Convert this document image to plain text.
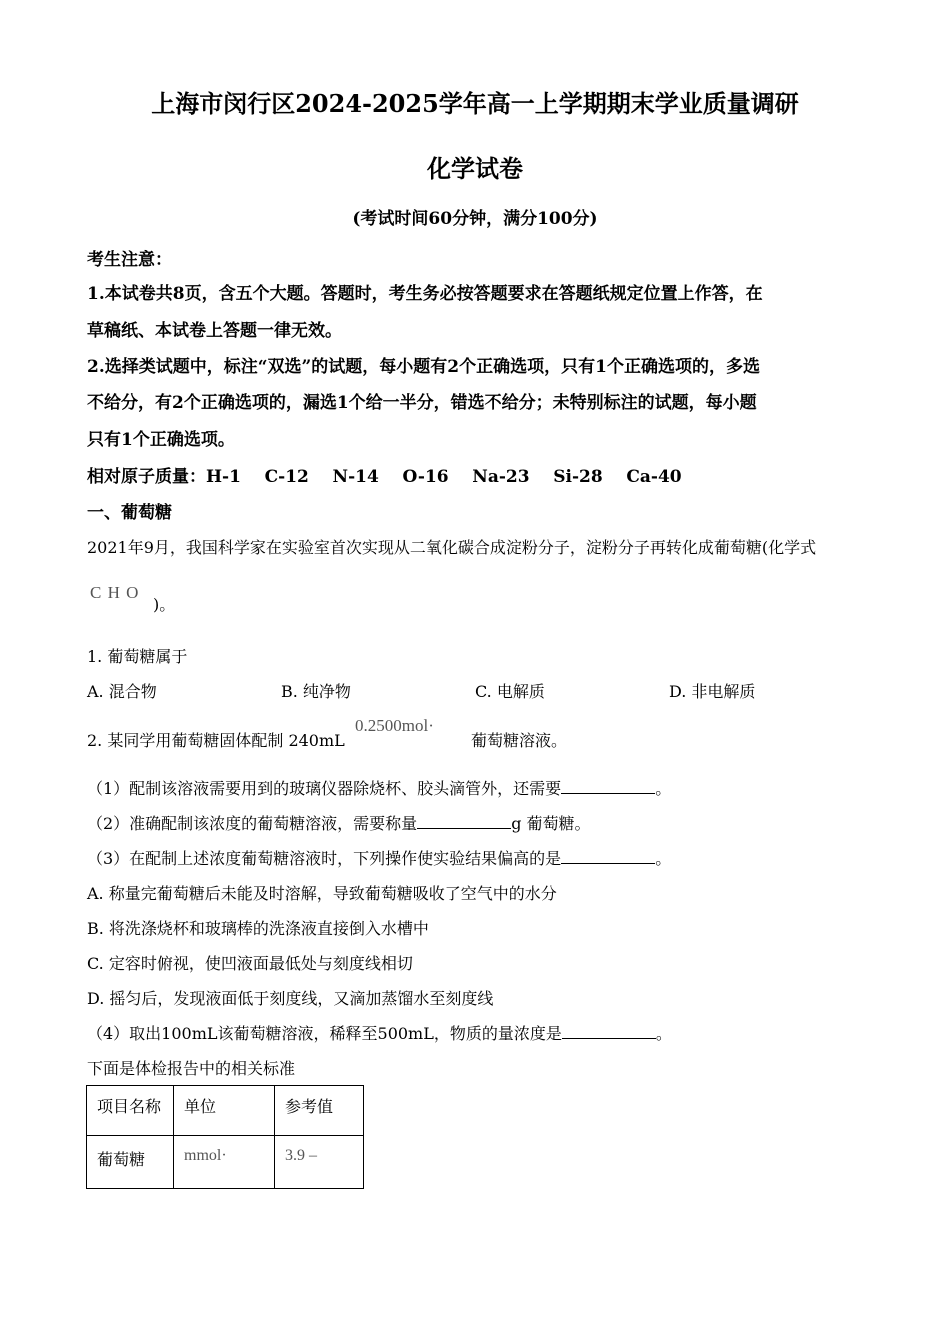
上海市闵行区2024-2025学年高一上学期期末学业质量调研
化学试卷
(考试时间60分钟，满分100分)
考生注意：
1.本试卷共8页，含五个大题。答题时，考生务必按答题要求在答题纸规定位置上作答，在
草稿纸、本试卷上答题一律无效。
2.选择类试题中，标注“双选”的试题，每小题有2个正确选项，只有1个正确选项的，多选
不给分，有2个正确选项的，漏选1个给一半分，错选不给分；未特别标注的试题，每小题
只有1个正确选项。
相对原子质量：H-1    C-12    N-14    O-16    Na-23    Si-28    Ca-40
一、葡萄糖
2021年9月，我国科学家在实验室首次实现从二氧化碳合成淀粉分子，淀粉分子再转化成葡萄糖(化学式
C H O
)。
1. 葡萄糖属于
A. 混合物	B. 纯净物	C. 电解质	D. 非电解质
2. 某同学用葡萄糖固体配制 240mL
0.2500mol·
葡萄糖溶液。
（1）配制该溶液需要用到的玻璃仪器除烧杯、胶头滴管外，还需要	。
（2）准确配制该浓度的葡萄糖溶液，需要称量	g 葡萄糖。
（3）在配制上述浓度葡萄糖溶液时，下列操作使实验结果偏高的是	。
A. 称量完葡萄糖后未能及时溶解，导致葡萄糖吸收了空气中的水分
B. 将洗涤烧杯和玻璃棒的洗涤液直接倒入水槽中
C. 定容时俯视，使凹液面最低处与刻度线相切
D. 摇匀后，发现液面低于刻度线，又滴加蒸馏水至刻度线
（4）取出100mL该葡萄糖溶液，稀释至500mL，物质的量浓度是	。
下面是体检报告中的相关标准
项目名称	单位	参考值
葡萄糖	mmol·	3.9 –
